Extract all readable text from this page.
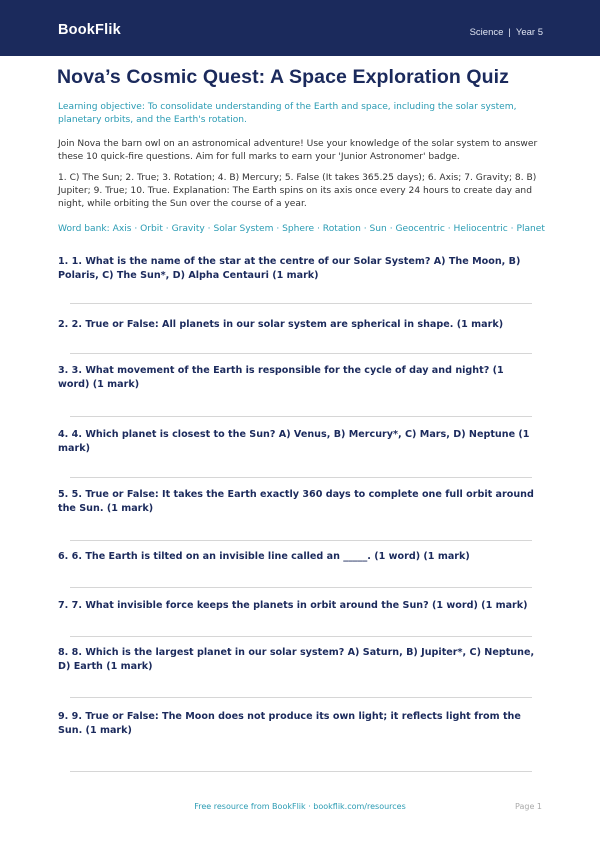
BookFlik	Science | Year 5
Nova’s Cosmic Quest: A Space Exploration Quiz

Learning objective: To consolidate understanding of the Earth and space, including the solar system, planetary orbits, and the Earth's rotation.

Join Nova the barn owl on an astronomical adventure! Use your knowledge of the solar system to answer these 10 quick-fire questions. Aim for full marks to earn your 'Junior Astronomer' badge.

1. C) The Sun; 2. True; 3. Rotation; 4. B) Mercury; 5. False (It takes 365.25 days); 6. Axis; 7. Gravity; 8. B) Jupiter; 9. True; 10. True. Explanation: The Earth spins on its axis once every 24 hours to create day and night, while orbiting the Sun over the course of a year.

Word bank: Axis · Orbit · Gravity · Solar System · Sphere · Rotation · Sun · Geocentric · Heliocentric · Planet

1. 1. What is the name of the star at the centre of our Solar System? A) The Moon, B) Polaris, C) The Sun*, D) Alpha Centauri (1 mark)

2. 2. True or False: All planets in our solar system are spherical in shape. (1 mark)

3. 3. What movement of the Earth is responsible for the cycle of day and night? (1 word) (1 mark)

4. 4. Which planet is closest to the Sun? A) Venus, B) Mercury*, C) Mars, D) Neptune (1 mark)

5. 5. True or False: It takes the Earth exactly 360 days to complete one full orbit around the Sun. (1 mark)

6. 6. The Earth is tilted on an invisible line called an _____. (1 word) (1 mark)

7. 7. What invisible force keeps the planets in orbit around the Sun? (1 word) (1 mark)

8. 8. Which is the largest planet in our solar system? A) Saturn, B) Jupiter*, C) Neptune, D) Earth (1 mark)

9. 9. True or False: The Moon does not produce its own light; it reflects light from the Sun. (1 mark)

Free resource from BookFlik · bookflik.com/resources	Page 1
